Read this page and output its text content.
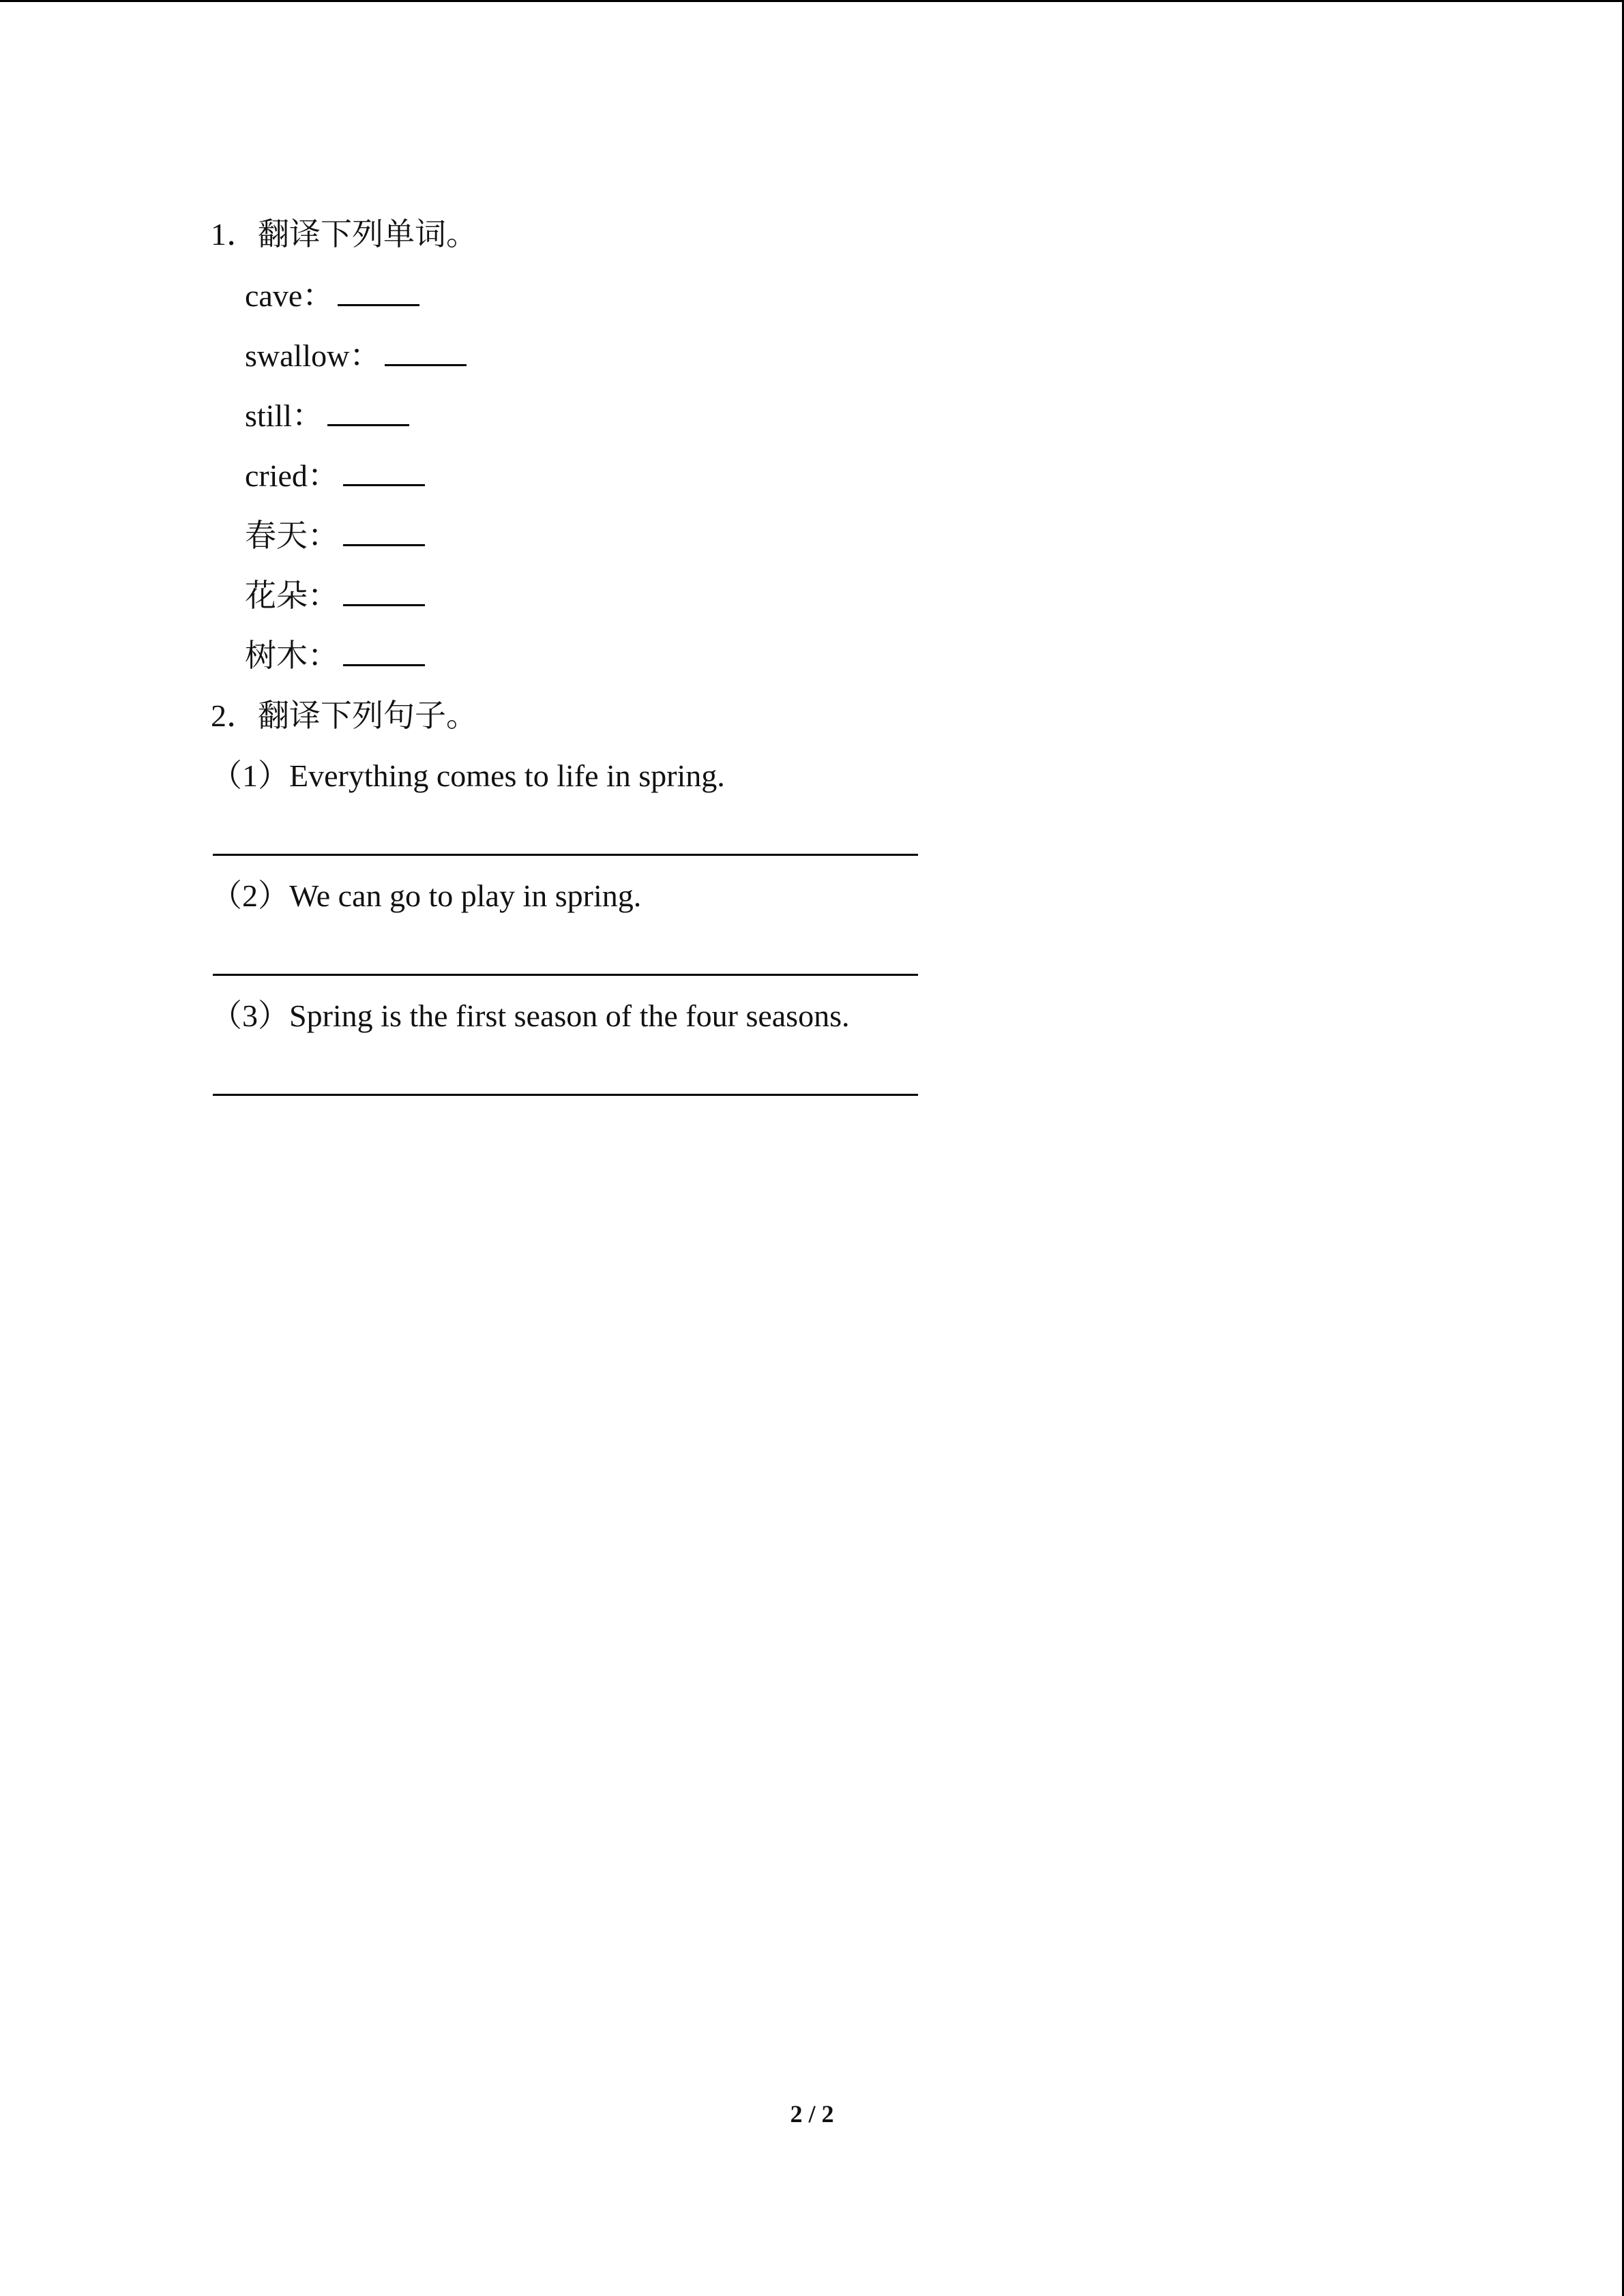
1．翻译下列单词。
cave：
swallow：
still：
cried：
春天：
花朵：
树木：
2．翻译下列句子。
（1）Everything comes to life in spring.
（2）We can go to play in spring.
（3）Spring is the first season of the four seasons.
2 / 2
